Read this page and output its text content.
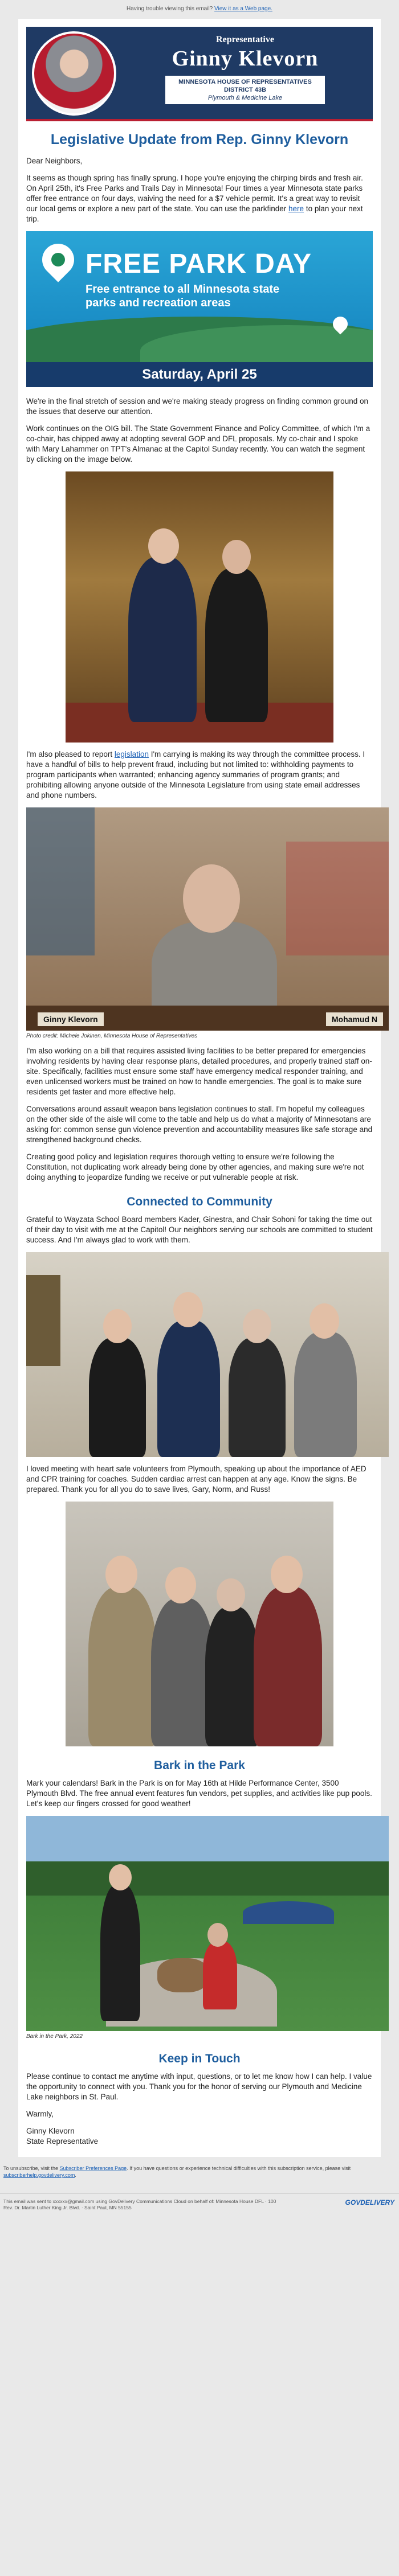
Having trouble viewing this email? View it as a Web page.
Representative
Ginny Klevorn
MINNESOTA HOUSE OF REPRESENTATIVES
DISTRICT 43B
Plymouth & Medicine Lake
Legislative Update from Rep. Ginny Klevorn

Dear Neighbors,

It seems as though spring has finally sprung. I hope you're enjoying the chirping birds and fresh air. On April 25th, it's Free Parks and Trails Day in Minnesota! Four times a year Minnesota state parks offer free entrance on four days, waiving the need for a $7 vehicle permit. It's a great way to revisit our local gems or explore a new part of the state. You can use the parkfinder here to plan your next trip.

FREE PARK DAY
Free entrance to all Minnesota state parks and recreation areas
Saturday, April 25

We're in the final stretch of session and we're making steady progress on finding common ground on the issues that deserve our attention.

Work continues on the OIG bill. The State Government Finance and Policy Committee, of which I'm a co-chair, has chipped away at adopting several GOP and DFL proposals. My co-chair and I spoke with Mary Lahammer on TPT's Almanac at the Capitol Sunday recently. You can watch the segment by clicking on the image below.

I'm also pleased to report legislation I'm carrying is making its way through the committee process. I have a handful of bills to help prevent fraud, including but not limited to: withholding payments to program participants when warranted; enhancing agency summaries of program grants; and prohibiting allowing anyone outside of the Minnesota Legislature from using state email addresses and phone numbers.

Ginny Klevorn	Mohamud N
Photo credit: Michele Jokinen, Minnesota House of Representatives

I'm also working on a bill that requires assisted living facilities to be better prepared for emergencies involving residents by having clear response plans, detailed procedures, and properly trained staff on-site. Specifically, facilities must ensure some staff have emergency medical responder training, and even unlicensed workers must be trained on how to handle emergencies. The goal is to make sure residents get faster and more effective help.

Conversations around assault weapon bans legislation continues to stall. I'm hopeful my colleagues on the other side of the aisle will come to the table and help us do what a majority of Minnesotans are asking for: common sense gun violence prevention and accountability measures like safe storage and strengthened background checks.

Creating good policy and legislation requires thorough vetting to ensure we're following the Constitution, not duplicating work already being done by other agencies, and making sure we're not doing anything to jeopardize funding we receive or put vulnerable people at risk.

Connected to Community

Grateful to Wayzata School Board members Kader, Ginestra, and Chair Sohoni for taking the time out of their day to visit with me at the Capitol! Our neighbors serving our schools are committed to student success. And I'm always glad to work with them.

I loved meeting with heart safe volunteers from Plymouth, speaking up about the importance of AED and CPR training for coaches. Sudden cardiac arrest can happen at any age. Know the signs. Be prepared. Thank you for all you do to save lives, Gary, Norm, and Russ!

Bark in the Park

Mark your calendars! Bark in the Park is on for May 16th at Hilde Performance Center, 3500 Plymouth Blvd. The free annual event features fun vendors, pet supplies, and activities like pup pools. Let's keep our fingers crossed for good weather!

Bark in the Park, 2022
Keep in Touch

Please continue to contact me anytime with input, questions, or to let me know how I can help. I value the opportunity to connect with you. Thank you for the honor of serving our Plymouth and Medicine Lake neighbors in St. Paul.

Warmly,

Ginny Klevorn

State Representative

To unsubscribe, visit the Subscriber Preferences Page. If you have questions or experience technical difficulties with this subscription service, please visit subscriberhelp.govdelivery.com.
This email was sent to xxxxxx@gmail.com using GovDelivery Communications Cloud on behalf of: Minnesota House DFL · 100
Rev. Dr. Martin Luther King Jr. Blvd. · Saint Paul, MN 55155
GOVDELIVERY
